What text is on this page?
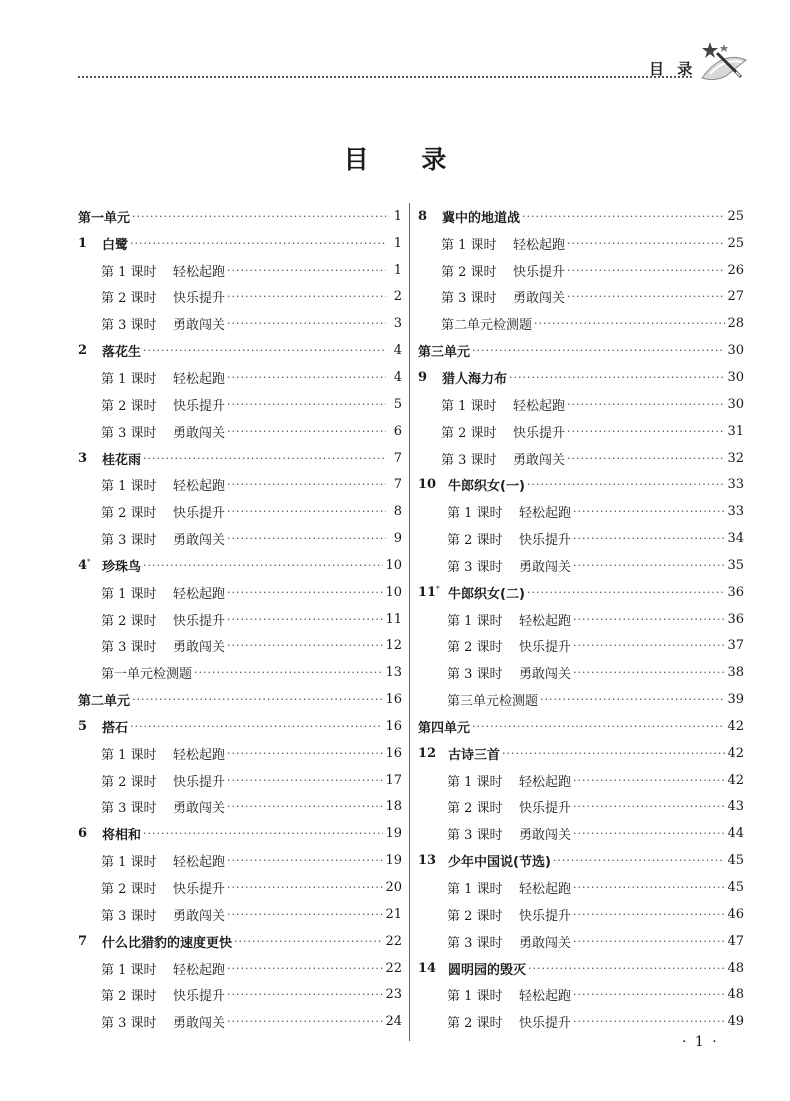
目 录
目 录
第一单元 ·····	1
1	白鹭 ·····	1
第 1 课时	轻松起跑 ·····	1
第 2 课时	快乐提升 ·····	2
第 3 课时	勇敢闯关 ·····	3
2	落花生 ·····	4
第 1 课时	轻松起跑 ·····	4
第 2 课时	快乐提升 ·····	5
第 3 课时	勇敢闯关 ·····	6
3	桂花雨 ·····	7
第 1 课时	轻松起跑 ·····	7
第 2 课时	快乐提升 ·····	8
第 3 课时	勇敢闯关 ·····	9
4* 珍珠鸟 ·····	10
第 1 课时	轻松起跑 ·····	10
第 2 课时	快乐提升 ·····	11
第 3 课时	勇敢闯关 ·····	12
第一单元检测题 ·····	13
第二单元 ·····	16
5	搭石 ·····	16
第 1 课时	轻松起跑 ·····	16
第 2 课时	快乐提升 ·····	17
第 3 课时	勇敢闯关 ·····	18
6	将相和 ·····	19
第 1 课时	轻松起跑 ·····	19
第 2 课时	快乐提升 ·····	20
第 3 课时	勇敢闯关 ·····	21
7	什么比猎豹的速度更快 ·····	22
第 1 课时	轻松起跑 ·····	22
第 2 课时	快乐提升 ·····	23
第 3 课时	勇敢闯关 ·····	24
8	冀中的地道战 ·····	25
第 1 课时	轻松起跑 ·····	25
第 2 课时	快乐提升 ·····	26
第 3 课时	勇敢闯关 ·····	27
第二单元检测题 ·····	28
第三单元 ·····	30
9	猎人海力布 ·····	30
第 1 课时	轻松起跑 ·····	30
第 2 课时	快乐提升 ·····	31
第 3 课时	勇敢闯关 ·····	32
10 牛郎织女(一) ·····	33
第 1 课时	轻松起跑 ·····	33
第 2 课时	快乐提升 ·····	34
第 3 课时	勇敢闯关 ·····	35
11* 牛郎织女(二) ·····	36
第 1 课时	轻松起跑 ·····	36
第 2 课时	快乐提升 ·····	37
第 3 课时	勇敢闯关 ·····	38
第三单元检测题 ·····	39
第四单元 ·····	42
12 古诗三首 ·····	42
第 1 课时	轻松起跑 ·····	42
第 2 课时	快乐提升 ·····	43
第 3 课时	勇敢闯关 ·····	44
13 少年中国说(节选) ·····	45
第 1 课时	轻松起跑 ·····	45
第 2 课时	快乐提升 ·····	46
第 3 课时	勇敢闯关 ·····	47
14 圆明园的毁灭 ·····	48
第 1 课时	轻松起跑 ·····	48
第 2 课时	快乐提升 ·····	49
· 1 ·
